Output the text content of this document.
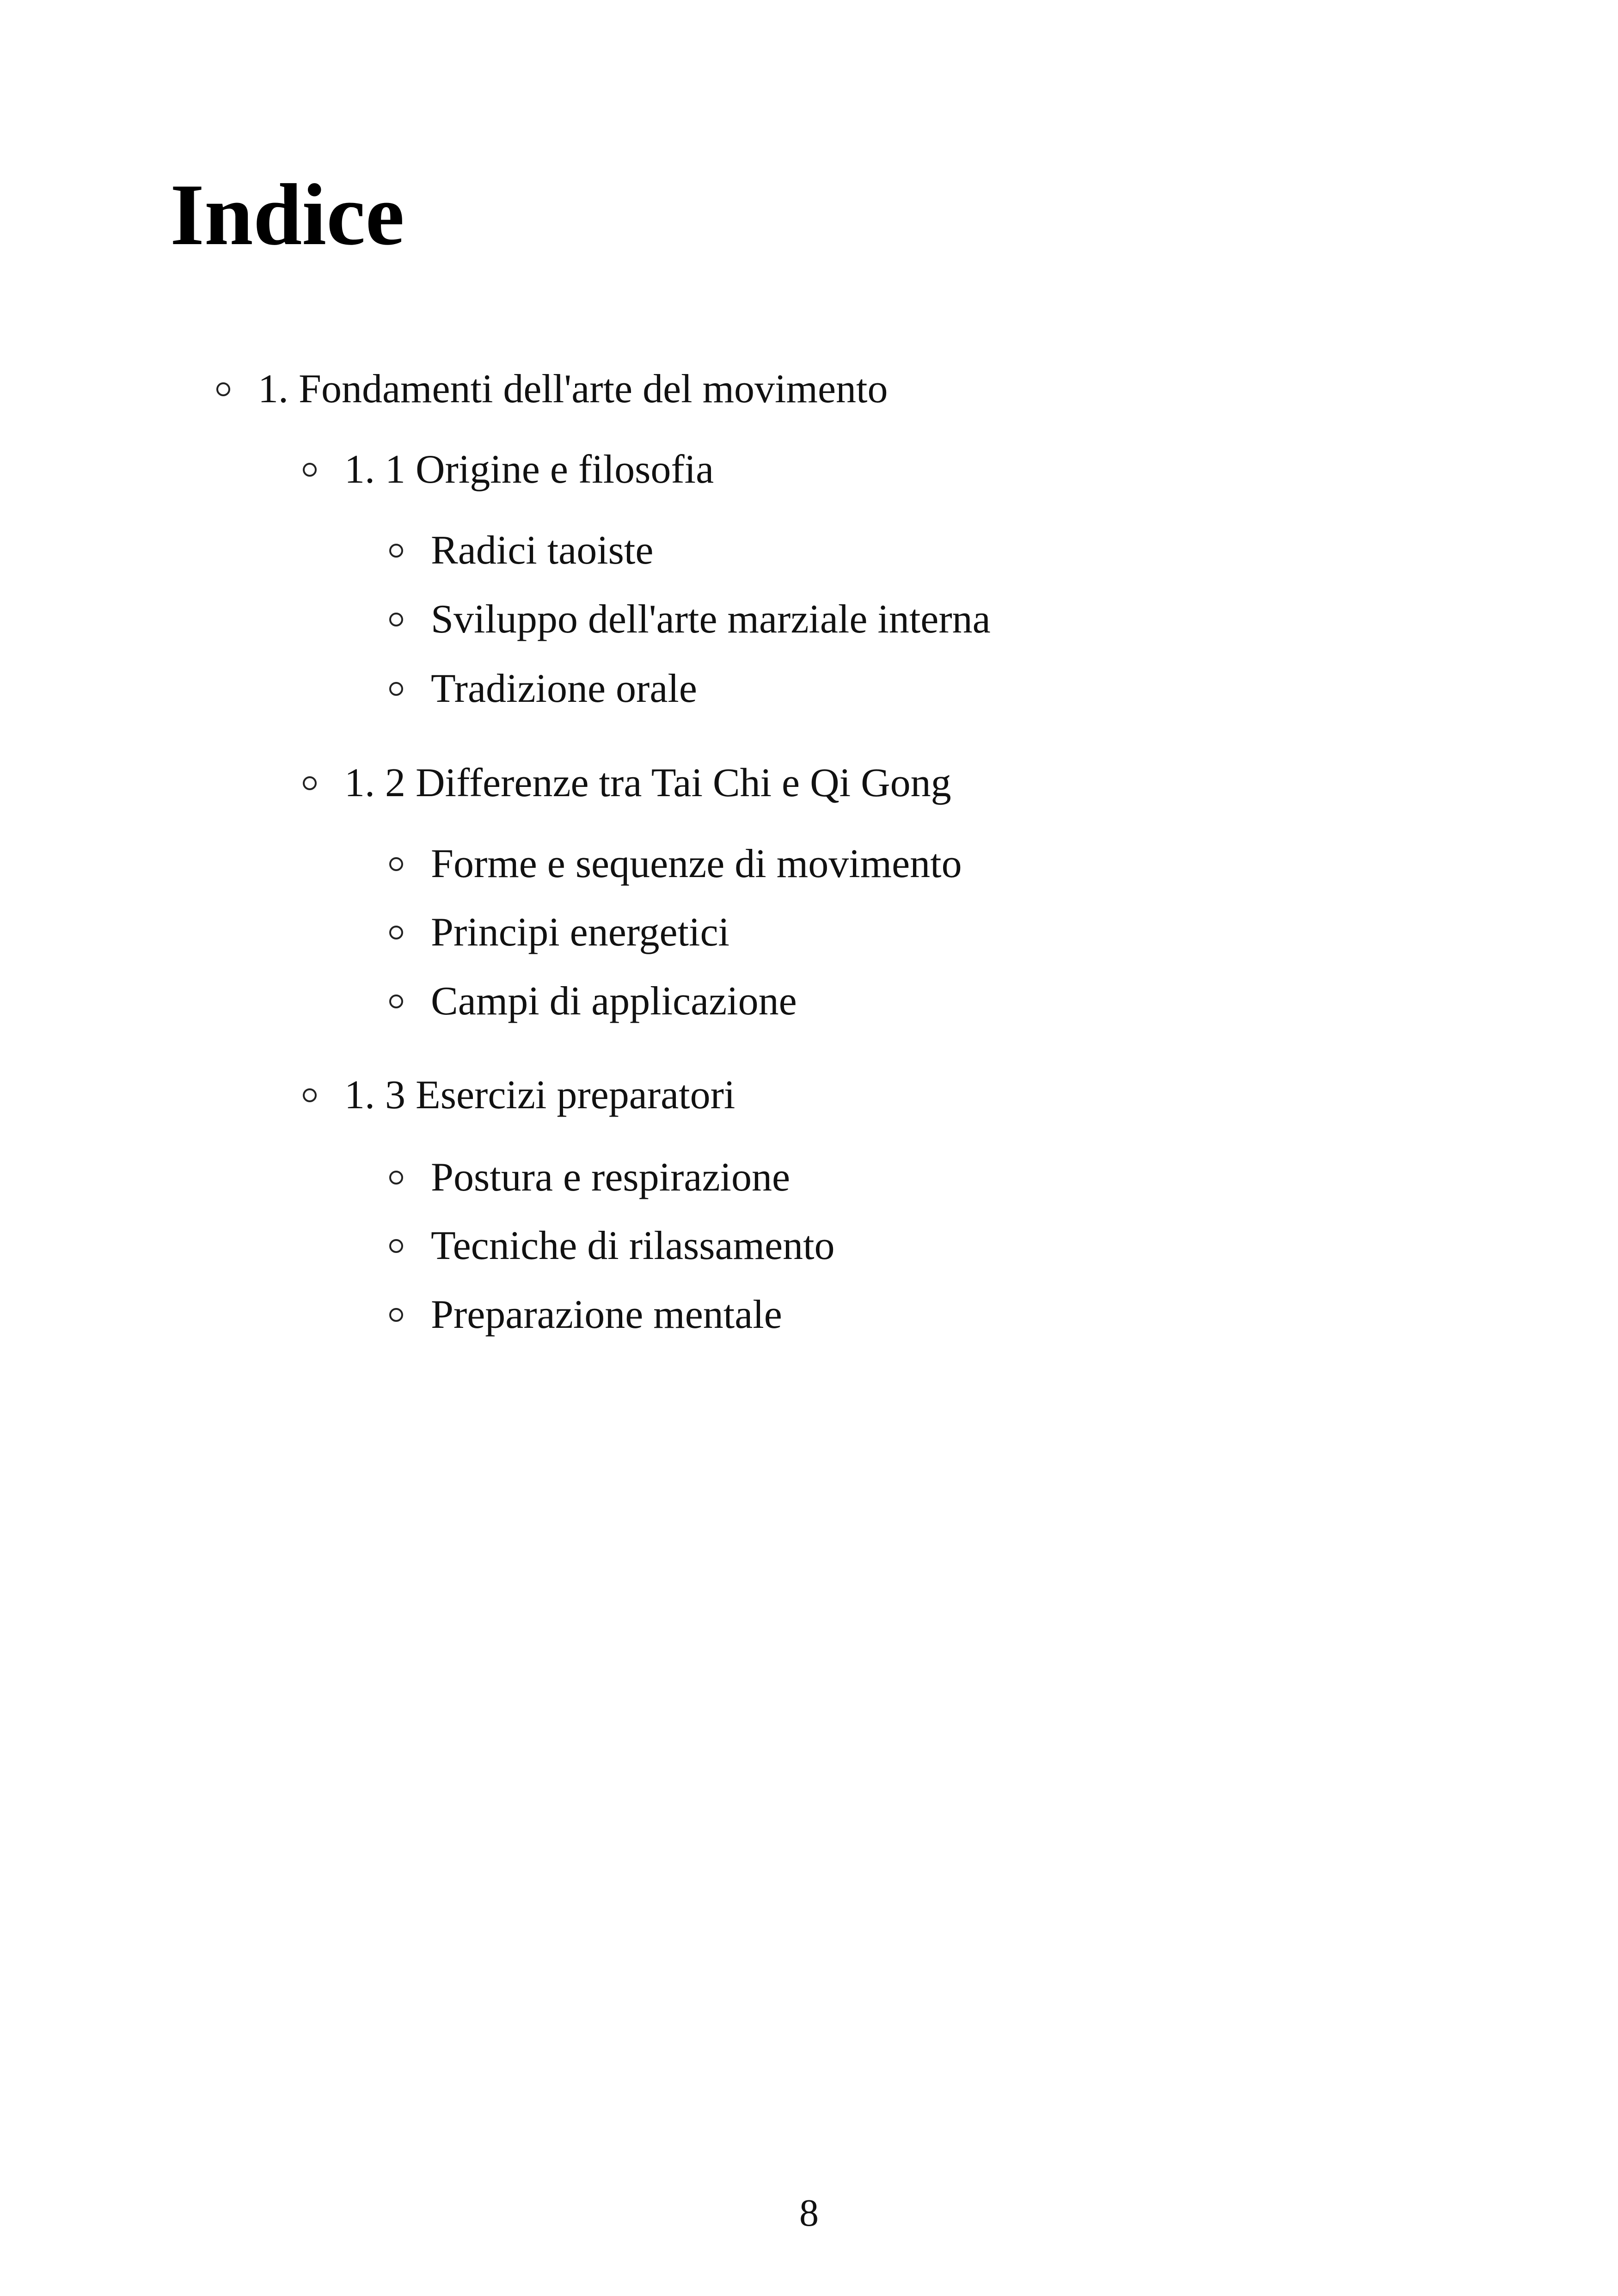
Indice
1. Fondamenti dell'arte del movimento
1. 1 Origine e filosofia
Radici taoiste
Sviluppo dell'arte marziale interna
Tradizione orale
1. 2 Differenze tra Tai Chi e Qi Gong
Forme e sequenze di movimento
Principi energetici
Campi di applicazione
1. 3 Esercizi preparatori
Postura e respirazione
Tecniche di rilassamento
Preparazione mentale
8
